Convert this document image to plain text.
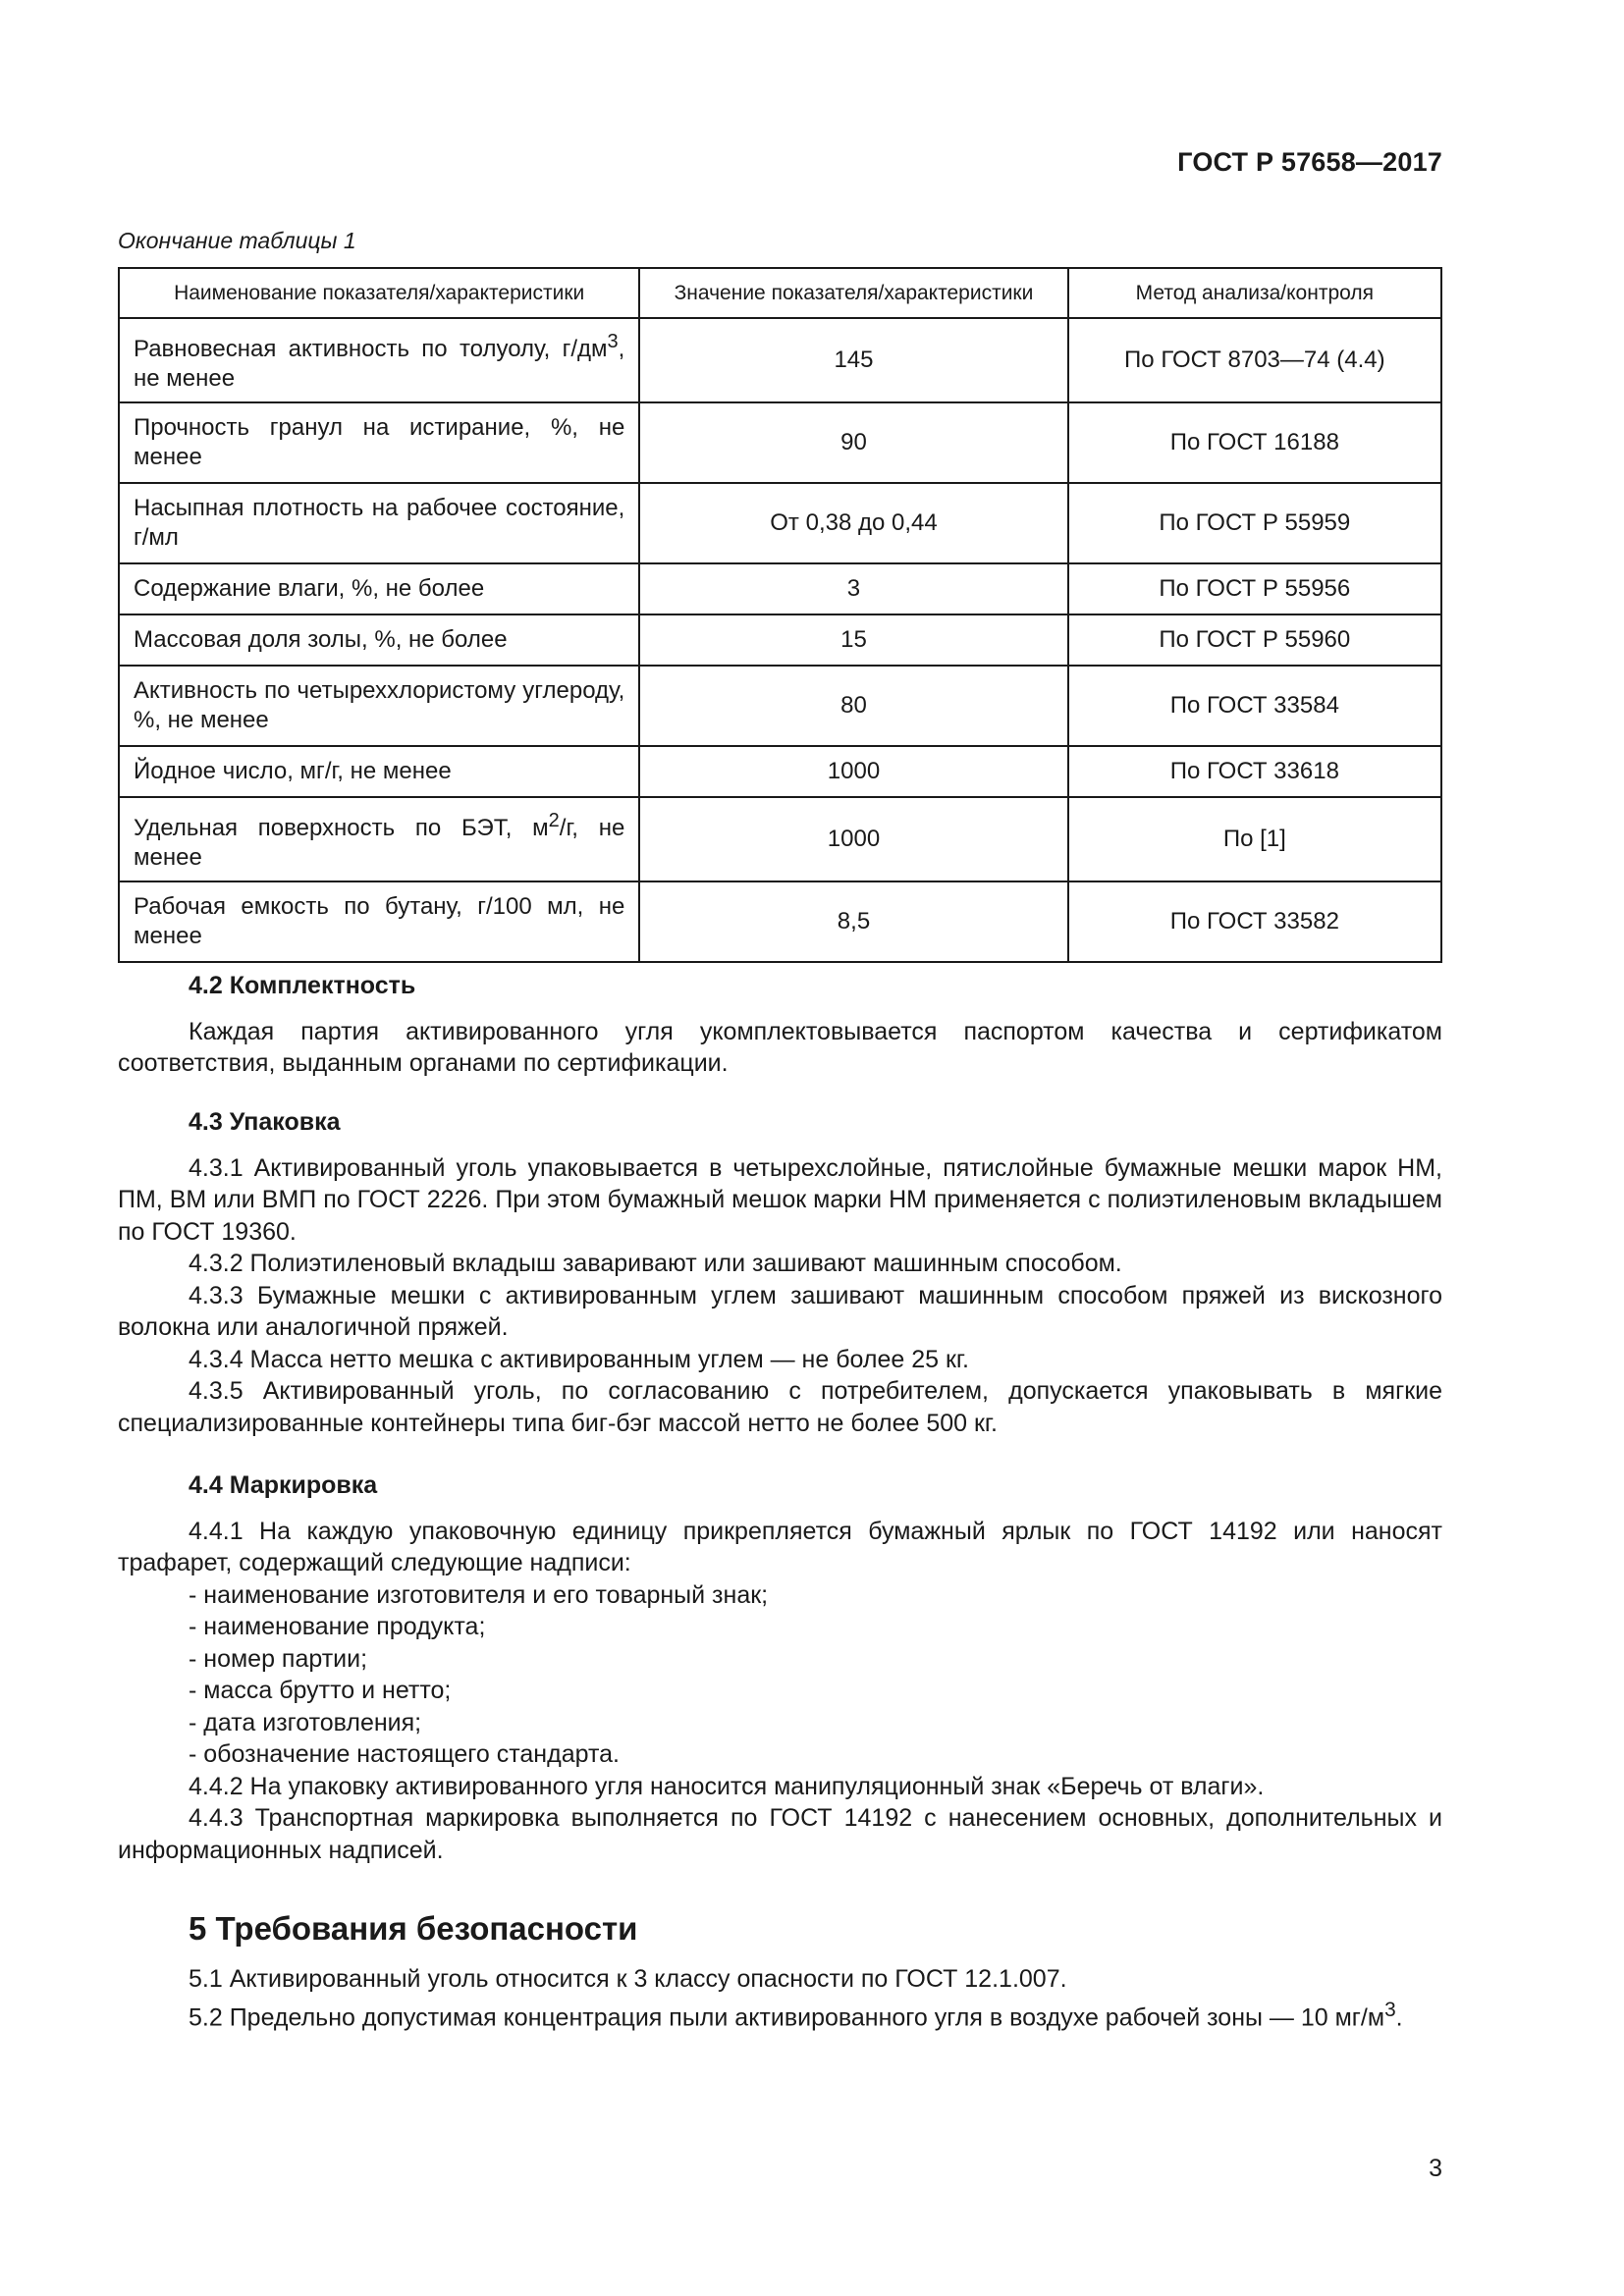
ГОСТ Р 57658—2017
Окончание таблицы 1
Наименование показателя/характеристики	Значение показателя/характеристики	Метод анализа/контроля
Равновесная активность по толуолу, $г/дм^3$, не менее	145	По ГОСТ 8703—74 (4.4)
Прочность гранул на истирание, %, не менее	90	По ГОСТ 16188
Насыпная плотность на рабочее состояние, г/мл	От 0,38 до 0,44	По ГОСТ Р 55959
Содержание влаги, %, не более	3	По ГОСТ Р 55956
Массовая доля золы, %, не более	15	По ГОСТ Р 55960
Активность по четыреххлористому углероду, %, не менее	80	По ГОСТ 33584
Йодное число, мг/г, не менее	1000	По ГОСТ 33618
Удельная поверхность по БЭТ, $м^2/г$, не менее	1000	По [1]
Рабочая емкость по бутану, г/100 мл, не менее	8,5	По ГОСТ 33582
4.2 Комплектность

Каждая партия активированного угля укомплектовывается паспортом качества и сертификатом соответствия, выданным органами по сертификации.

4.3 Упаковка

4.3.1 Активированный уголь упаковывается в четырехслойные, пятислойные бумажные мешки марок НМ, ПМ, ВМ или ВМП по ГОСТ 2226. При этом бумажный мешок марки НМ применяется с полиэтиленовым вкладышем по ГОСТ 19360.

4.3.2 Полиэтиленовый вкладыш заваривают или зашивают машинным способом.

4.3.3 Бумажные мешки с активированным углем зашивают машинным способом пряжей из вискозного волокна или аналогичной пряжей.

4.3.4 Масса нетто мешка с активированным углем — не более 25 кг.

4.3.5 Активированный уголь, по согласованию с потребителем, допускается упаковывать в мягкие специализированные контейнеры типа биг-бэг массой нетто не более 500 кг.

4.4 Маркировка

4.4.1 На каждую упаковочную единицу прикрепляется бумажный ярлык по ГОСТ 14192 или наносят трафарет, содержащий следующие надписи:

- наименование изготовителя и его товарный знак;

- наименование продукта;

- номер партии;

- масса брутто и нетто;

- дата изготовления;

- обозначение настоящего стандарта.

4.4.2 На упаковку активированного угля наносится манипуляционный знак «Беречь от влаги».

4.4.3 Транспортная маркировка выполняется по ГОСТ 14192 с нанесением основных, дополнительных и информационных надписей.

5 Требования безопасности

5.1 Активированный уголь относится к 3 классу опасности по ГОСТ 12.1.007.

5.2 Предельно допустимая концентрация пыли активированного угля в воздухе рабочей зоны — 10 $мг/м^3$.

3
